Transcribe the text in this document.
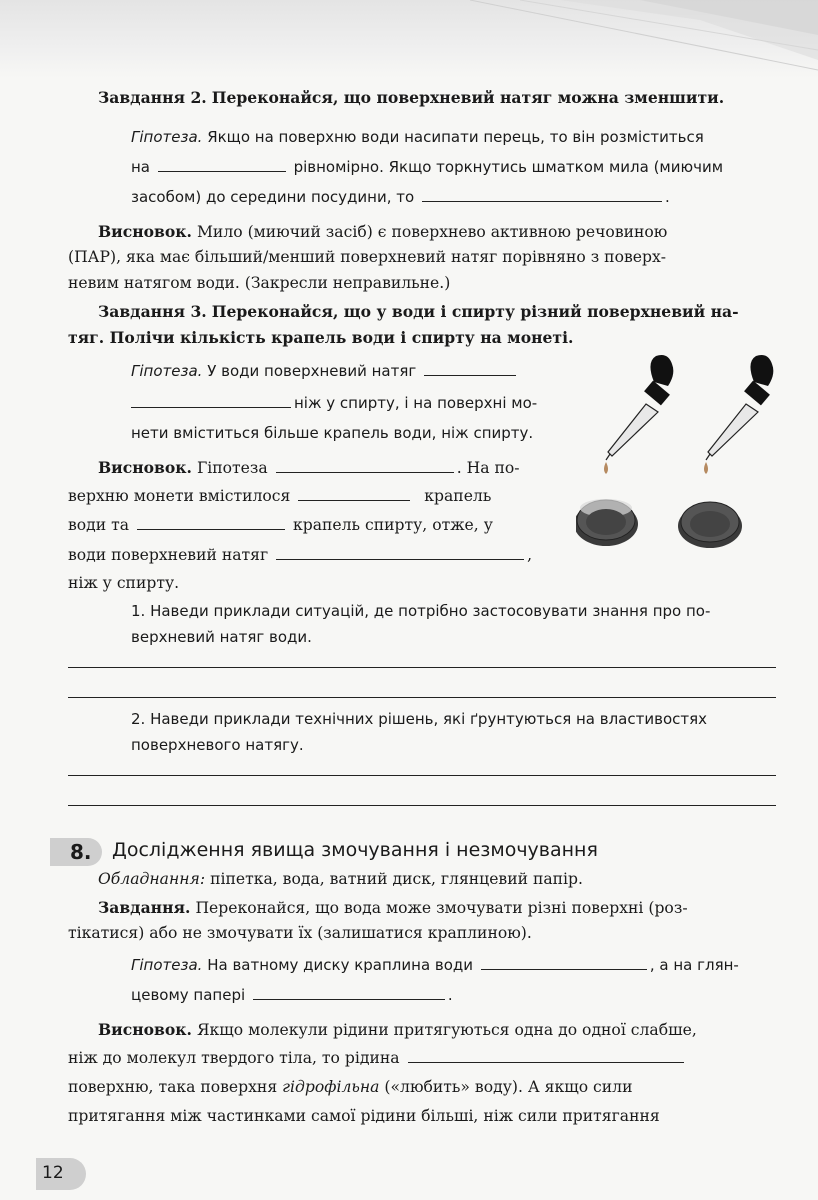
Завдання 2. Переконайся, що поверхневий натяг можна зменшити.
Гіпотеза. Якщо на поверхню води насипати перець, то він розміститься
на	рівномірно. Якщо торкнутись шматком мила (миючим
засобом) до середини посудини, то	.
Висновок. Мило (миючий засіб) є поверхнево активною речовиною
(ПАР), яка має більший/менший поверхневий натяг порівняно з поверх-
невим натягом води. (Закресли неправильне.)
Завдання 3. Переконайся, що у води і спирту різний поверхневий на-
тяг. Полічи кількість крапель води і спирту на монеті.
Гіпотеза. У води поверхневий натяг
ніж у спирту, і на поверхні мо-
нети вміститься більше крапель води, ніж спирту.
Висновок. Гіпотеза	. На по-
верхню монети вмістилося	крапель
води та	крапель спирту, отже, у
води поверхневий натяг	,
ніж у спирту.
1. Наведи приклади ситуацій, де потрібно застосовувати знання про по-
верхневий натяг води.
2. Наведи приклади технічних рішень, які ґрунтуються на властивостях
поверхневого натягу.
8. Дослідження явища змочування і незмочування
Обладнання: піпетка, вода, ватний диск, глянцевий папір.
Завдання. Переконайся, що вода може змочувати різні поверхні (роз-
тікатися) або не змочувати їх (залишатися краплиною).
Гіпотеза. На ватному диску краплина води	, а на глян-
цевому папері	.
Висновок. Якщо молекули рідини притягуються одна до одної слабше,
ніж до молекул твердого тіла, то рідина
поверхню, така поверхня гідрофільна («любить» воду). А якщо сили
притягання між частинками самої рідини більші, ніж сили притягання
12
